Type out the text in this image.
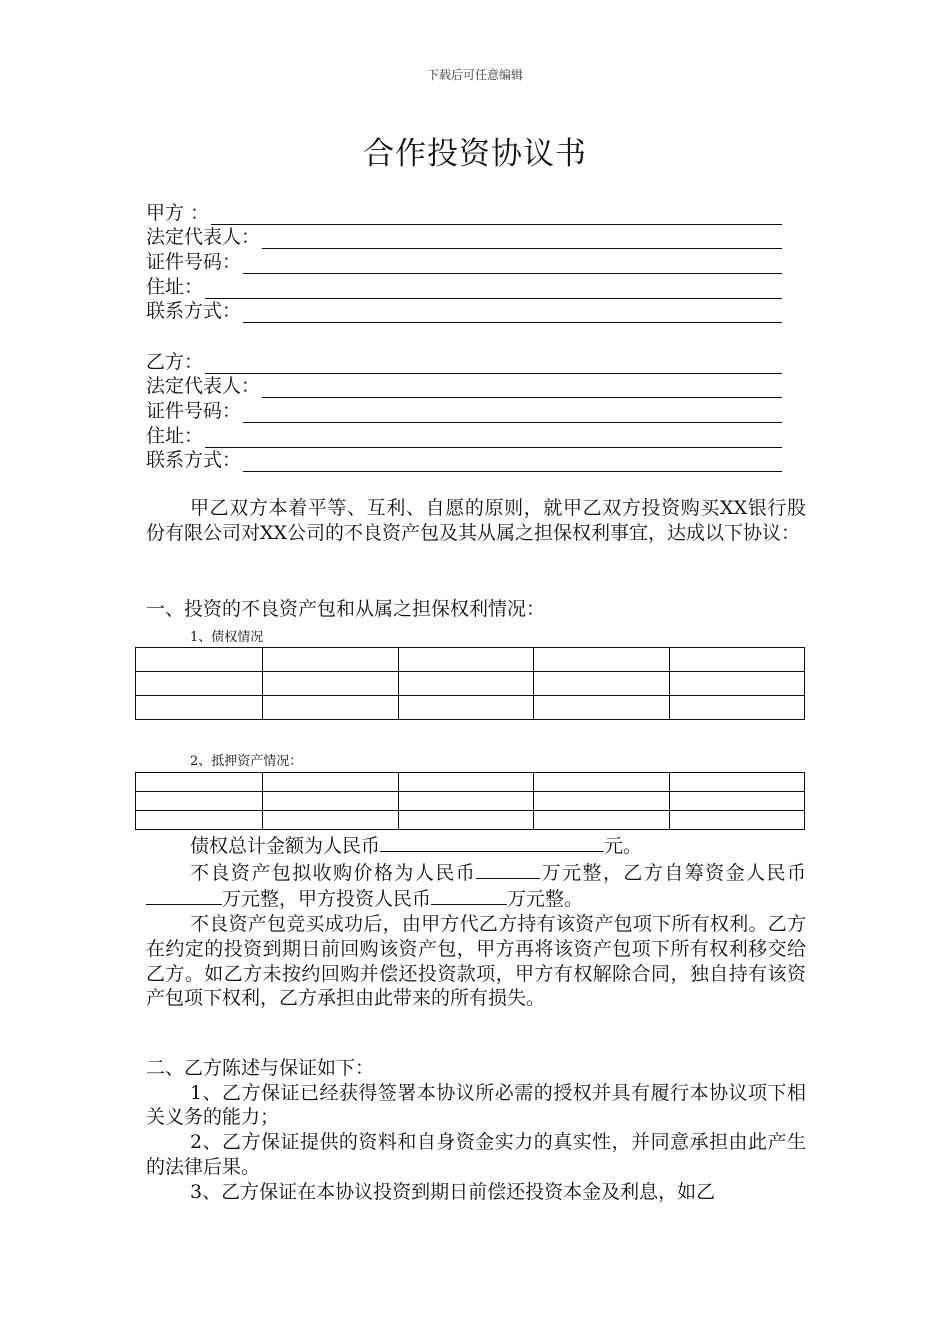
下载后可任意编辑
合作投资协议书
甲方 ：
法定代表人：
证件号码：
住址：
联系方式：
乙方：
法定代表人：
证件号码：
住址：
联系方式：

甲乙双方本着平等、互利、自愿的原则，就甲乙双方投资购买XX银行股份有限公司对XX公司的不良资产包及其从属之担保权利事宜，达成以下协议：

一、投资的不良资产包和从属之担保权利情况：

1、债权情况

2、抵押资产情况：

债权总计金额为人民币	元。

不良资产包拟收购价格为人民币	万元整，乙方自筹资金人民币万元整，甲方投资人民币	万元整。

不良资产包竞买成功后，由甲方代乙方持有该资产包项下所有权利。乙方在约定的投资到期日前回购该资产包，甲方再将该资产包项下所有权利移交给乙方。如乙方未按约回购并偿还投资款项，甲方有权解除合同，独自持有该资产包项下权利，乙方承担由此带来的所有损失。

二、乙方陈述与保证如下：

1、乙方保证已经获得签署本协议所必需的授权并具有履行本协议项下相关义务的能力；

2、乙方保证提供的资料和自身资金实力的真实性，并同意承担由此产生的法律后果。

3、乙方保证在本协议投资到期日前偿还投资本金及利息，如乙
